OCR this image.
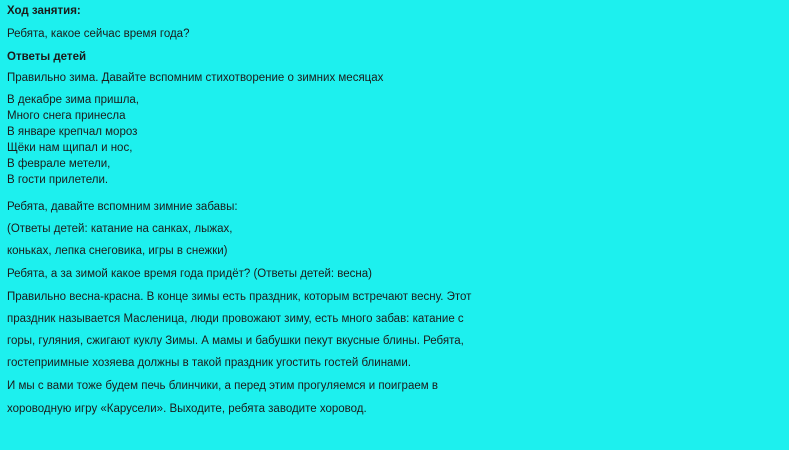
Ход занятия:

Ребята, какое сейчас время года?

Ответы детей

Правильно зима. Давайте вспомним стихотворение о зимних месяцах

В декабре зима пришла,

Много снега принесла

В январе крепчал мороз

Щёки нам щипал и нос,

В феврале метели,

В гости прилетели.

Ребята, давайте вспомним зимние забавы:

(Ответы детей: катание на санках, лыжах,

коньках, лепка снеговика, игры в снежки)

Ребята, а за зимой какое время года придёт? (Ответы детей: весна)

Правильно весна-красна. В конце зимы есть праздник, которым встречают весну. Этот

праздник называется Масленица, люди провожают зиму, есть много забав: катание с

горы, гуляния, сжигают куклу Зимы. А мамы и бабушки пекут вкусные блины. Ребята,

гостеприимные хозяева должны в такой праздник угостить гостей блинами.

И мы с вами тоже будем печь блинчики, а перед этим прогуляемся и поиграем в

хороводную игру «Карусели». Выходите, ребята заводите хоровод.
